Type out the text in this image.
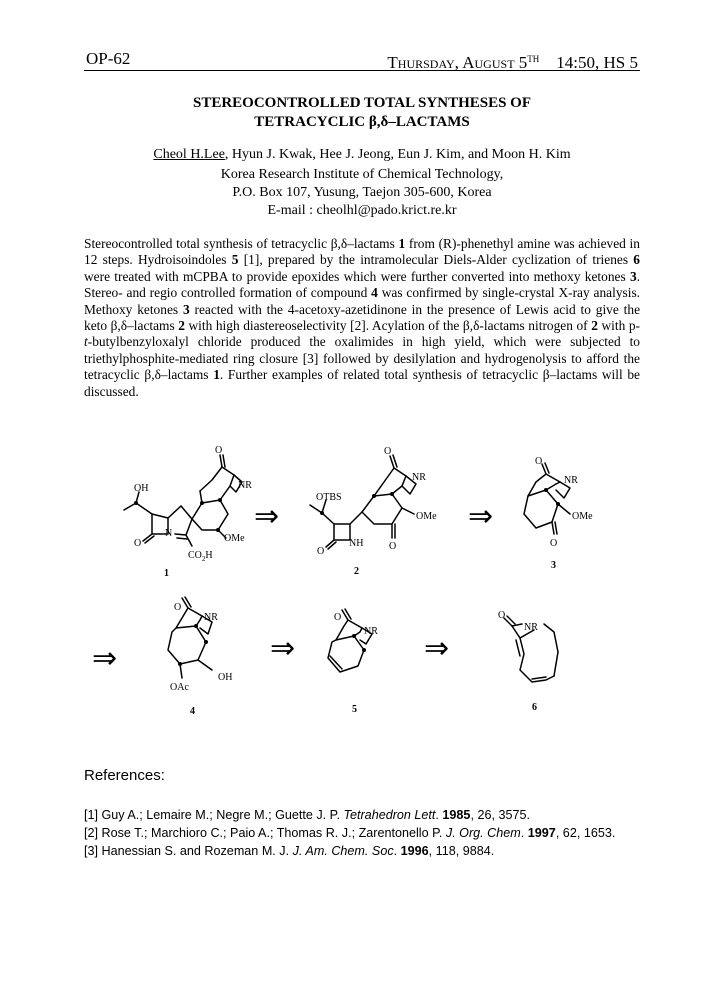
OP-62	Thursday, August 5TH 14:50, HS 5
STEREOCONTROLLED TOTAL SYNTHESES OF
TETRACYCLIC β,δ–LACTAMS
Cheol H.Lee, Hyun J. Kwak, Hee J. Jeong, Eun J. Kim, and Moon H. Kim
Korea Research Institute of Chemical Technology,
P.O. Box 107, Yusung, Taejon 305-600, Korea
E-mail : cheolhl@pado.krict.re.kr
Stereocontrolled total synthesis of tetracyclic β,δ–lactams 1 from (R)-phenethyl amine was achieved in 12 steps. Hydroisoindoles 5 [1], prepared by the intramolecular Diels-Alder cyclization of trienes 6 were treated with mCPBA to provide epoxides which were further converted into methoxy ketones 3. Stereo- and regio controlled formation of compound 4 was confirmed by single-crystal X-ray analysis. Methoxy ketones 3 reacted with the 4-acetoxy-azetidinone in the presence of Lewis acid to give the keto β,δ–lactams 2 with high diastereoselectivity [2]. Acylation of the β,δ-lactams nitrogen of 2 with p-t-butylbenzyloxalyl chloride produced the oxalimides in high yield, which were subjected to triethylphosphite-mediated ring closure [3] followed by desilylation and hydrogenolysis to afford the tetracyclic β,δ–lactams 1. Further examples of related total synthesis of tetracyclic β–lactams will be discussed.
OH
O
N
O
NR
OMe
$CO_2H$
1
⇒
OTBS
O
NH
O
NR
O
OMe
2
⇒
O
NR
O
OMe
3
⇒
O
NR
OH
OAc
4
⇒
O
NR
5
⇒
O
NR
6
References:
[1] Guy A.; Lemaire M.; Negre M.; Guette J. P. Tetrahedron Lett. 1985, 26, 3575.
[2] Rose T.; Marchioro C.; Paio A.; Thomas R. J.; Zarentonello P. J. Org. Chem. 1997, 62, 1653.
[3] Hanessian S. and Rozeman M. J. J. Am. Chem. Soc. 1996, 118, 9884.
